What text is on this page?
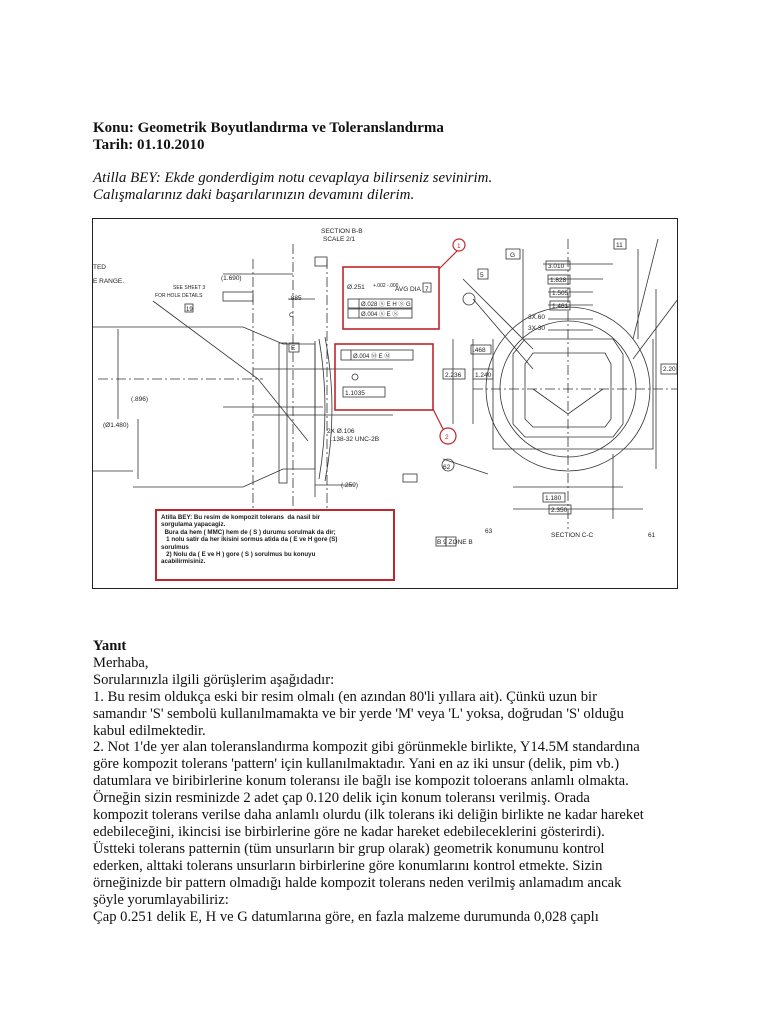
Konu: Geometrik Boyutlandırma ve Toleranslandırma
Tarih: 01.10.2010
Atilla BEY: Ekde gonderdigim notu cevaplaya bilirseniz sevinirim.
Calışmalarınız daki başarılarınızın devamını dilerim.
SECTION B-B
SCALE 2/1
TED
E RANGE.
SEE SHEET 3
FOR HOLE DETAILS
19
(1.690)
.885
(.896)
(Ø1.480)
1.1035
(.259)
2X Ø.106
.138-32 UNC-2B
Ø.251 +.002 -.000
AVG DIA 7
Ø.028 Ⓢ E H Ⓢ G
Ø.004 Ⓢ E Ⓢ
Ø.004 Ⓜ E Ⓜ
1
2
3.010
1.828
1.505
1.461
3X.60
3X.30
.468
2.236 1.240
1.180
2.350
2.20
SECTION C-C
B 9 ZONE B
63
61
62
G
E
C
11
5
Atilla BEY: Bu resim de kompozit tolerans  da nasil bir
sorgulama yapacagiz.
Bura da hem ( MMC) hem de ( S ) durumu sorulmak da dir;
1 nolu satir da her ikisini sormus atida da ( E ve H gore (S)
sorulmus
2) Nolu da ( E ve H ) gore ( S ) sorulmus bu konuyu
acabilirmisiniz.

Yanıt

Merhaba,

Sorularınızla ilgili görüşlerim aşağıdadır:

1. Bu resim oldukça eski bir resim olmalı (en azından 80'li yıllara ait). Çünkü uzun bir

samandır 'S' sembolü kullanılmamakta ve bir yerde 'M' veya 'L' yoksa, doğrudan 'S' olduğu

kabul edilmektedir.

2. Not 1'de yer alan toleranslandırma kompozit gibi görünmekle birlikte, Y14.5M standardına

göre kompozit tolerans 'pattern' için kullanılmaktadır. Yani en az iki unsur (delik, pim vb.)

datumlara ve biribirlerine konum toleransı ile bağlı ise kompozit toloerans anlamlı olmakta.

Örneğin sizin resminizde 2 adet çap 0.120 delik için konum toleransı verilmiş. Orada

kompozit tolerans verilse daha anlamlı olurdu (ilk tolerans iki deliğin birlikte ne kadar hareket

edebileceğini, ikincisi ise birbirlerine göre ne kadar hareket edebileceklerini gösterirdi).

Üstteki tolerans patternin (tüm unsurların bir grup olarak) geometrik konumunu kontrol

ederken, alttaki tolerans unsurların birbirlerine göre konumlarını kontrol etmekte. Sizin

örneğinizde bir pattern olmadığı halde kompozit tolerans neden verilmiş anlamadım ancak

şöyle yorumlayabiliriz:

Çap 0.251 delik E, H ve G datumlarına göre, en fazla malzeme durumunda 0,028 çaplı
